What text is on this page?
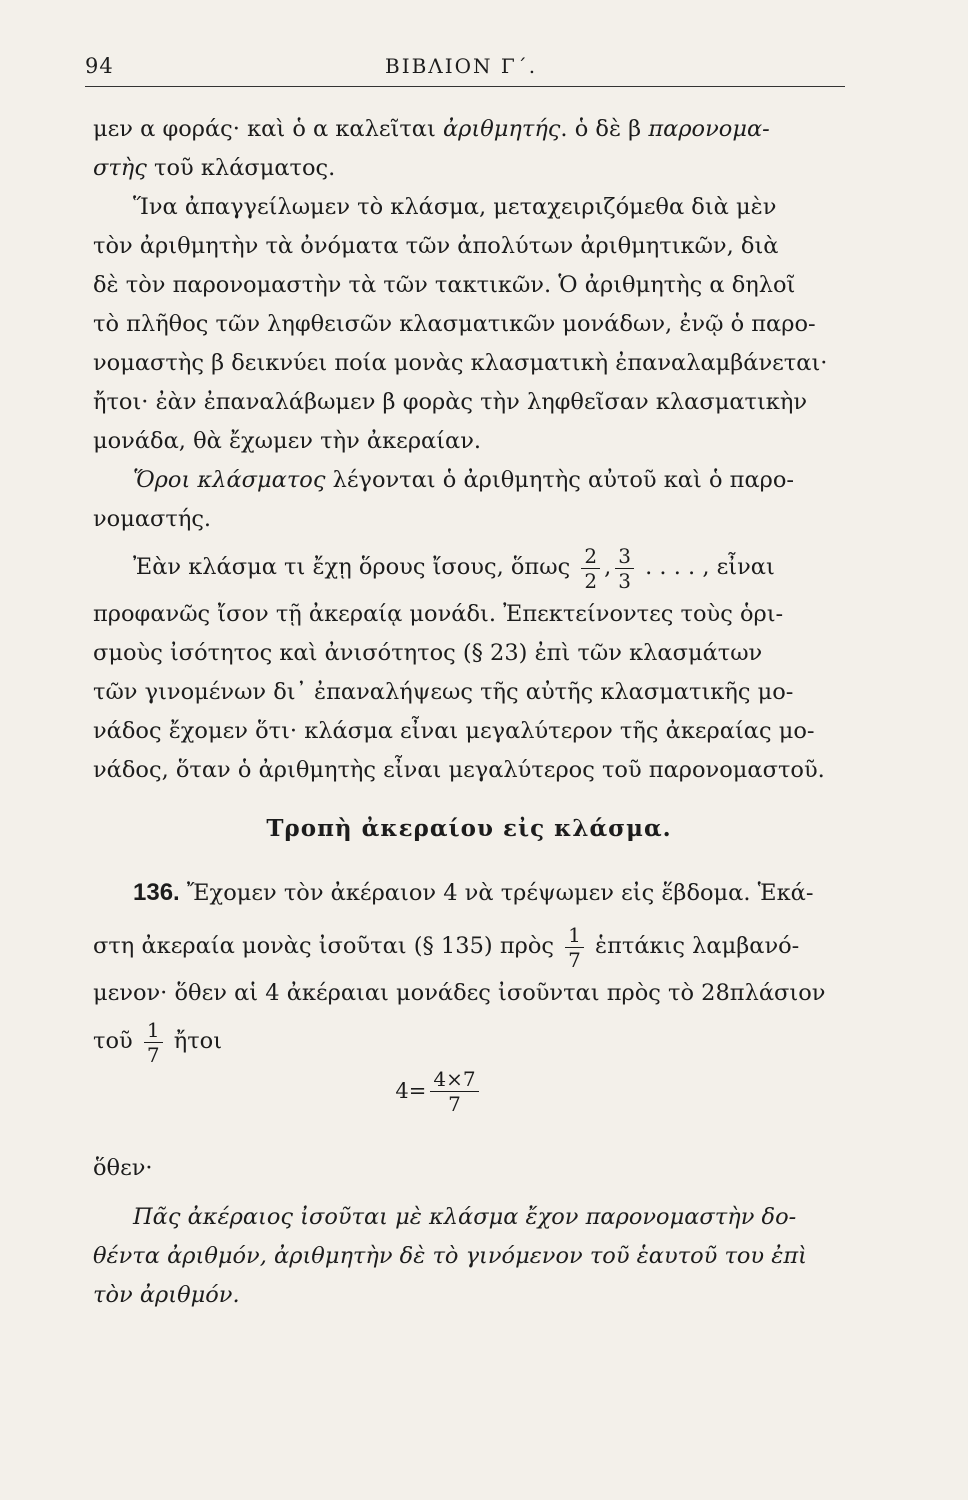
94	ΒΙΒΛΙΟΝ Γ΄.
μεν α φοράς· καὶ ὁ α καλεῖται ἀριθμητής. ὁ δὲ β παρονομα-
στὴς τοῦ κλάσματος.
Ἵνα ἀπαγγείλωμεν τὸ κλάσμα, μεταχειριζόμεθα διὰ μὲν
τὸν ἀριθμητὴν τὰ ὀνόματα τῶν ἀπολύτων ἀριθμητικῶν, διὰ
δὲ τὸν παρονομαστὴν τὰ τῶν τακτικῶν. Ὁ ἀριθμητὴς α δηλοῖ
τὸ πλῆθος τῶν ληφθεισῶν κλασματικῶν μονάδων, ἐνῷ ὁ παρο-
νομαστὴς β δεικνύει ποία μονὰς κλασματικὴ ἐπαναλαμβάνεται·
ἤτοι· ἐὰν ἐπαναλάβωμεν β φορὰς τὴν ληφθεῖσαν κλασματικὴν
μονάδα, θὰ ἔχωμεν τὴν ἀκεραίαν.
Ὅροι κλάσματος λέγονται ὁ ἀριθμητὴς αὐτοῦ καὶ ὁ παρο-
νομαστής.
Ἐὰν κλάσμα τι ἔχῃ ὅρους ἴσους, ὅπως $\frac{2}{2}$ , $\frac{3}{3}$ . . . . , εἶναι
προφανῶς ἴσον τῇ ἀκεραίᾳ μονάδι. Ἐπεκτείνοντες τοὺς ὁρι-
σμοὺς ἰσότητος καὶ ἀνισότητος (§ 23) ἐπὶ τῶν κλασμάτων
τῶν γινομένων δι᾿ ἐπαναλήψεως τῆς αὐτῆς κλασματικῆς μο-
νάδος ἔχομεν ὅτι· κλάσμα εἶναι μεγαλύτερον τῆς ἀκεραίας μο-
νάδος, ὅταν ὁ ἀριθμητὴς εἶναι μεγαλύτερος τοῦ παρονομαστοῦ.
Τροπὴ ἀκεραίου εἰς κλάσμα.
136. Ἔχομεν τὸν ἀκέραιον 4 νὰ τρέψωμεν εἰς ἕβδομα. Ἑκά-
στη ἀκεραία μονὰς ἰσοῦται (§ 135) πρὸς $\frac{1}{7}$ ἑπτάκις λαμβανό-
μενον· ὅθεν αἱ 4 ἀκέραιαι μονάδες ἰσοῦνται πρὸς τὸ 28πλάσιον
τοῦ $\frac{1}{7}$ ἤτοι
$4= \frac{4\times 7}{7}$
ὅθεν·
Πᾶς ἀκέραιος ἰσοῦται μὲ κλάσμα ἔχον παρονομαστὴν δο-
θέντα ἀριθμόν, ἀριθμητὴν δὲ τὸ γινόμενον τοῦ ἑαυτοῦ του ἐπὶ
τὸν ἀριθμόν.
